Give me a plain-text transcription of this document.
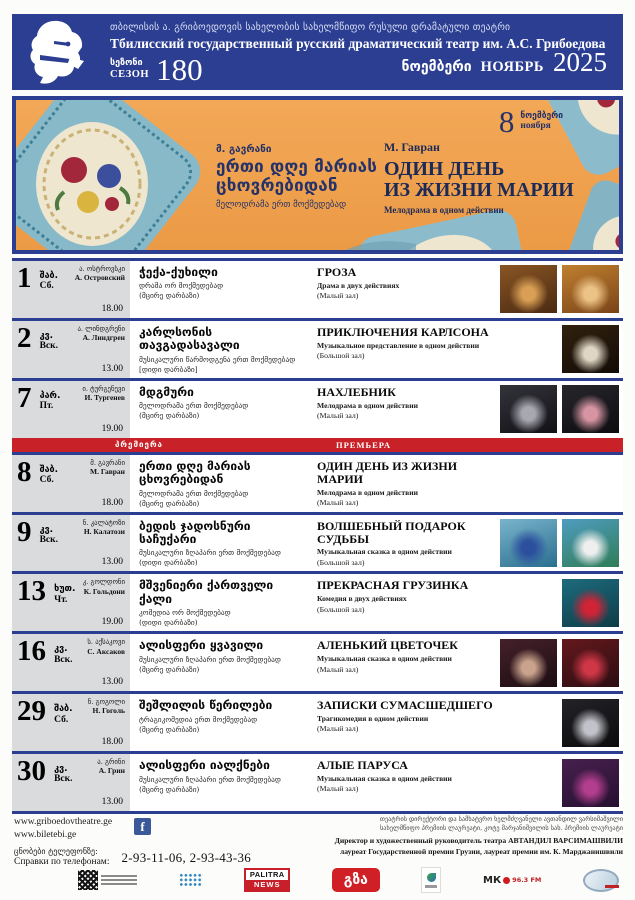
თბილისის ა. გრიბოედოვის სახელობის სახელმწიფო რუსული დრამატული თეატრი
Тбилисский государственный русский драматический театр им. А.С. Грибоедова
სეზონი
СЕЗОН 180	ნოემბერი НОЯБРЬ 2025
8 ნოემბერი
ноября
მ. გავრანი
ერთი დღე მარიას
ცხოვრებიდან
მელოდრამა ერთ მოქმედებად
М. Гавран
ОДИН ДЕНЬ
ИЗ ЖИЗНИ МАРИИ
Мелодрама в одном действии
1 შაბ.
Сб.
ა. ოსტროვსკი
А. Островский
18.00
ჭექა-ქუხილი
დრამა ორ მოქმედებად
(მცირე დარბაზი)
ГРОЗА
Драма в двух действиях
(Малый зал)
2 კვ.
Вск.
ა. ლინდგრენი
А. Линдгрен
13.00
კარლსონის თავგადასავალი
მუსიკალური წარმოდგენა ერთ მოქმედებად
[დიდი დარბაზი]
ПРИКЛЮЧЕНИЯ КАРЛСОНА
Музыкальное представление в одном действии
(Большой зал)
7 პარ.
Пт.
ი. ტურგენევი
И. Тургенев
19.00
მდგმური
მელოდრამა ერთ მოქმედებად
(მცირე დარბაზი)
НАХЛЕБНИК
Мелодрама в одном действии
(Малый зал)
პრემიერა	ПРЕМЬЕРА
8 შაბ.
Сб.
მ. გავრანი
М. Гавран
18.00
ერთი დღე მარიას ცხოვრებიდან
მელოდრამა ერთ მოქმედებად
(მცირე დარბაზი)
ОДИН ДЕНЬ ИЗ ЖИЗНИ МАРИИ
Мелодрама в одном действии
(Малый зал)
9 კვ.
Вск.
ნ. კალატოზი
Н. Калатози
13.00
ბედის ჯადოსნური საჩუქარი
მუსიკალური ზღაპარი ერთ მოქმედებად
(დიდი დარბაზი)
ВОЛШЕБНЫЙ ПОДАРОК СУДЬБЫ
Музыкальная сказка в одном действии
(Большой зал)
13 ხუთ.
Чт.
კ. გოლდონი
К. Гольдони
19.00
მშვენიერი ქართველი ქალი
კომედია ორ მოქმედებად
(დიდი დარბაზი)
ПРЕКРАСНАЯ ГРУЗИНКА
Комедия в двух действиях
(Большой зал)
16 კვ.
Вск.
ს. აქსაკოვი
С. Аксаков
13.00
ალისფერი ყვავილი
მუსიკალური ზღაპარი ერთ მოქმედებად
(მცირე დარბაზი)
АЛЕНЬКИЙ ЦВЕТОЧЕК
Музыкальная сказка в одном действии
(Малый зал)
29 შაბ.
Сб.
ნ. გოგოლი
Н. Гоголь
18.00
შეშლილის წერილები
ტრაგიკომედია ერთ მოქმედებად
(მცირე დარბაზი)
ЗАПИСКИ СУМАСШЕДШЕГО
Трагикомедия в одном действии
(Малый зал)
30 კვ.
Вск.
ა. გრინი
А. Грин
13.00
ალისფერი იალქნები
მუსიკალური ზღაპარი ერთ მოქმედებად
(მცირე დარბაზი)
АЛЫЕ ПАРУСА
Музыкальная сказка в одном действии
(Малый зал)
www.griboedovtheatre.ge
www.biletebi.ge
f
ცნობები ტელეფონზე:
Справки по телефонам: 2-93-11-06, 2-93-43-36
თეატრის დირექტორი და სამხატვრო ხელმძღვანელი ავთანდილ ვარსიმაშვილი
სახელმწიფო პრემიის ლაურეატი, კოტე მარჯანიშვილის სახ. პრემიის ლაურეატი
Директор и художественный руководитель театра АВТАНДИЛ ВАРСИМАШВИЛИ
лауреат Государственной премии Грузии, лауреат премии им. К. Марджанишвили
PALITRA
NEWS	გზა	МК 96.3 FM
